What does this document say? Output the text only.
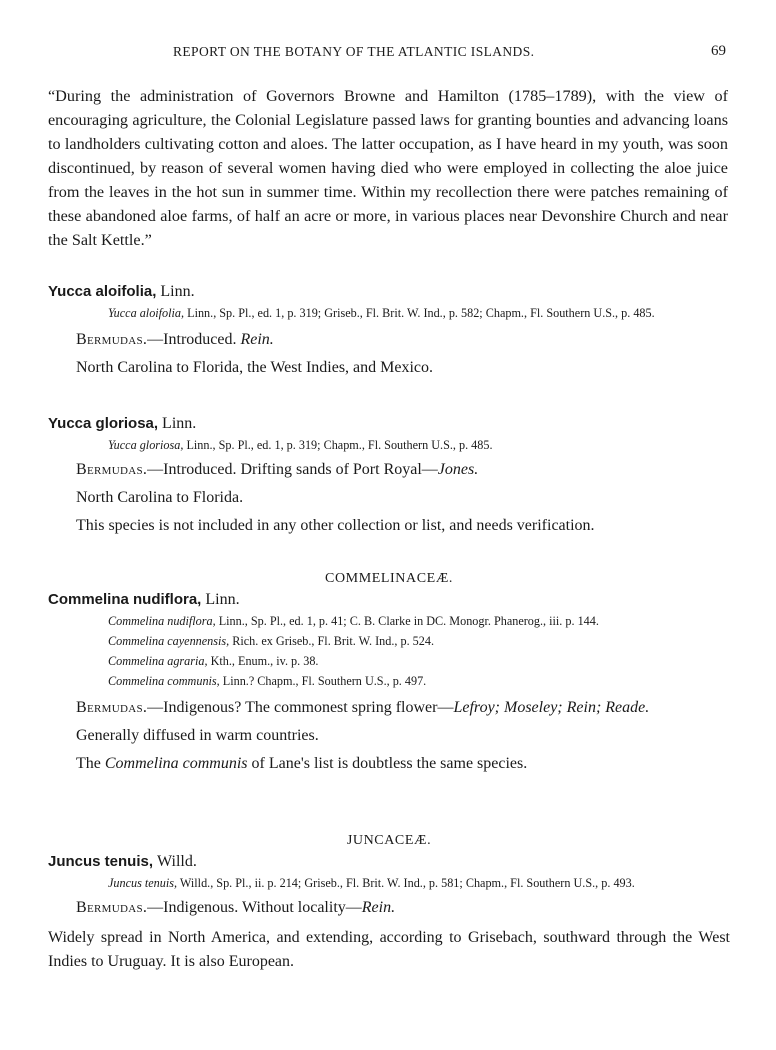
REPORT ON THE BOTANY OF THE ATLANTIC ISLANDS.	69

“During the administration of Governors Browne and Hamilton (1785–1789), with the view of encouraging agriculture, the Colonial Legislature passed laws for granting bounties and advancing loans to landholders cultivating cotton and aloes. The latter occupation, as I have heard in my youth, was soon discontinued, by reason of several women having died who were employed in collecting the aloe juice from the leaves in the hot sun in summer time. Within my recollection there were patches remaining of these abandoned aloe farms, of half an acre or more, in various places near Devonshire Church and near the Salt Kettle.”

Yucca aloifolia, Linn.

Yucca aloifolia, Linn., Sp. Pl., ed. 1, p. 319; Griseb., Fl. Brit. W. Ind., p. 582; Chapm., Fl. Southern U.S., p. 485.

Bermudas.—Introduced. Rein.

North Carolina to Florida, the West Indies, and Mexico.

Yucca gloriosa, Linn.

Yucca gloriosa, Linn., Sp. Pl., ed. 1, p. 319; Chapm., Fl. Southern U.S., p. 485.

Bermudas.—Introduced. Drifting sands of Port Royal—Jones.

North Carolina to Florida.

This species is not included in any other collection or list, and needs verification.

COMMELINACEÆ.
Commelina nudiflora, Linn.

Commelina nudiflora, Linn., Sp. Pl., ed. 1, p. 41; C. B. Clarke in DC. Monogr. Phanerog., iii. p. 144.

Commelina cayennensis, Rich. ex Griseb., Fl. Brit. W. Ind., p. 524.

Commelina agraria, Kth., Enum., iv. p. 38.

Commelina communis, Linn.? Chapm., Fl. Southern U.S., p. 497.

Bermudas.—Indigenous? The commonest spring flower—Lefroy; Moseley; Rein; Reade.

Generally diffused in warm countries.

The Commelina communis of Lane's list is doubtless the same species.

JUNCACEÆ.
Juncus tenuis, Willd.

Juncus tenuis, Willd., Sp. Pl., ii. p. 214; Griseb., Fl. Brit. W. Ind., p. 581; Chapm., Fl. Southern U.S., p. 493.

Bermudas.—Indigenous. Without locality—Rein.

Widely spread in North America, and extending, according to Grisebach, southward through the West Indies to Uruguay. It is also European.
